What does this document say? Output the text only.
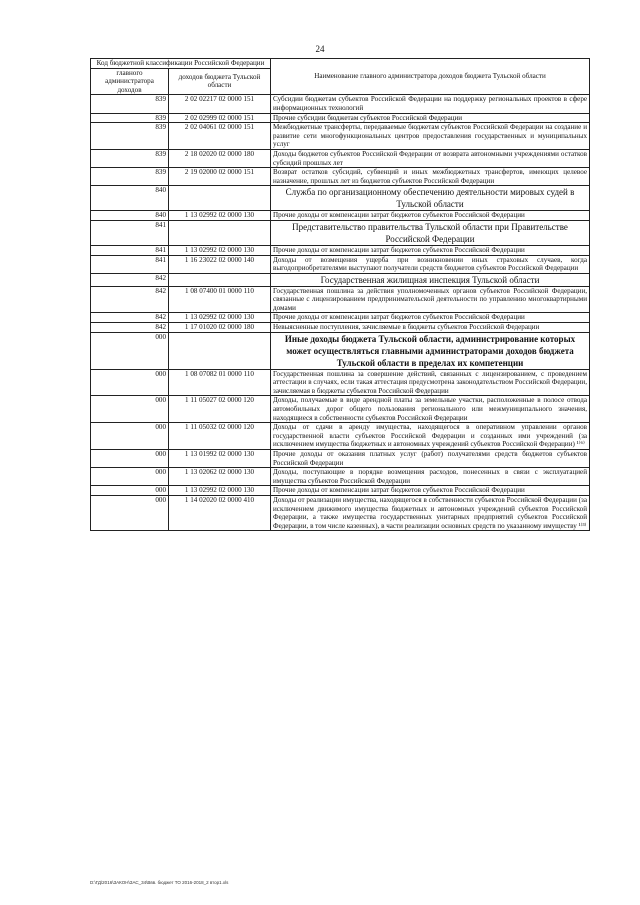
24
Код бюджетной классификации Российской Федерации		Наименование главного администратора доходов бюджета Тульской области
главного администратора доходов	доходов бюджета Тульской области	
839	2 02 02217 02 0000 151	Субсидии бюджетам субъектов Российской Федерации на поддержку региональных проектов в сфере информационных технологий
839	2 02 02999 02 0000 151	Прочие субсидии бюджетам субъектов Российской Федерации
839	2 02 04061 02 0000 151	Межбюджетные трансферты, передаваемые бюджетам субъектов Российской Федерации на создание и развитие сети многофункциональных центров предоставления государственных и муниципальных услуг
839	2 18 02020 02 0000 180	Доходы бюджетов субъектов Российской Федерации от возврата автономными учреждениями остатков субсидий прошлых лет
839	2 19 02000 02 0000 151	Возврат остатков субсидий, субвенций и иных межбюджетных трансфертов, имеющих целевое назначение, прошлых лет из бюджетов субъектов Российской Федерации
840		Служба по организационному обеспечению деятельности мировых судей в Тульской области
840	1 13 02992 02 0000 130	Прочие доходы от компенсации затрат бюджетов субъектов Российской Федерации
841		Представительство правительства Тульской области при Правительстве Российской Федерации
841	1 13 02992 02 0000 130	Прочие доходы от компенсации затрат бюджетов субъектов Российской Федерации
841	1 16 23022 02 0000 140	Доходы от возмещения ущерба при возникновении иных страховых случаев, когда выгодоприобретателями выступают получатели средств бюджетов субъектов Российской Федерации
842		Государственная жилищная инспекция Тульской области
842	1 08 07400 01 0000 110	Государственная пошлина за действия уполномоченных органов субъектов Российской Федерации, связанные с лицензированием предпринимательской деятельности по управлению многоквартирными домами
842	1 13 02992 02 0000 130	Прочие доходы от компенсации затрат бюджетов субъектов Российской Федерации
842	1 17 01020 02 0000 180	Невыясненные поступления, зачисляемые в бюджеты субъектов Российской Федерации
000		Иные доходы бюджета Тульской области, администрирование которых может осуществляться главными администраторами доходов бюджета Тульской области в пределах их компетенции
000	1 08 07082 01 0000 110	Государственная пошлина за совершение действий, связанных с лицензированием, с проведением аттестации в случаях, если такая аттестация предусмотрена законодательством Российской Федерации, зачисляемая в бюджеты субъектов Российской Федерации
000	1 11 05027 02 0000 120	Доходы, получаемые в виде арендной платы за земельные участки, расположенные в полосе отвода автомобильных дорог общего пользования регионального или межмуниципального значения, находящиеся в собственности субъектов Российской Федерации
000	1 11 05032 02 0000 120	Доходы от сдачи в аренду имущества, находящегося в оперативном управлении органов государственной власти субъектов Российской Федерации и созданных ими учреждений (за исключением имущества бюджетных и автономных учреждений субъектов Российской Федерации) ¹⁾⁶⁾
000	1 13 01992 02 0000 130	Прочие доходы от оказания платных услуг (работ) получателями средств бюджетов субъектов Российской Федерации
000	1 13 02062 02 0000 130	Доходы, поступающие в порядке возмещения расходов, понесенных в связи с эксплуатацией имущества субъектов Российской Федерации
000	1 13 02992 02 0000 130	Прочие доходы от компенсации затрат бюджетов субъектов Российской Федерации
000	1 14 02020 02 0000 410	Доходы от реализации имущества, находящегося в собственности субъектов Российской Федерации (за исключением движимого имущества бюджетных и автономных учреждений субъектов Российской Федерации, а также имущества государственных унитарных предприятий субъектов Российской Федерации, в том числе казенных), в части реализации основных средств по указанному имуществу ¹⁾³⁾
D:\ГД\2016\ЗАКОН\ЗАС_34\Ввв. бюджет ТО 2016-2018_2 втор1.xls
